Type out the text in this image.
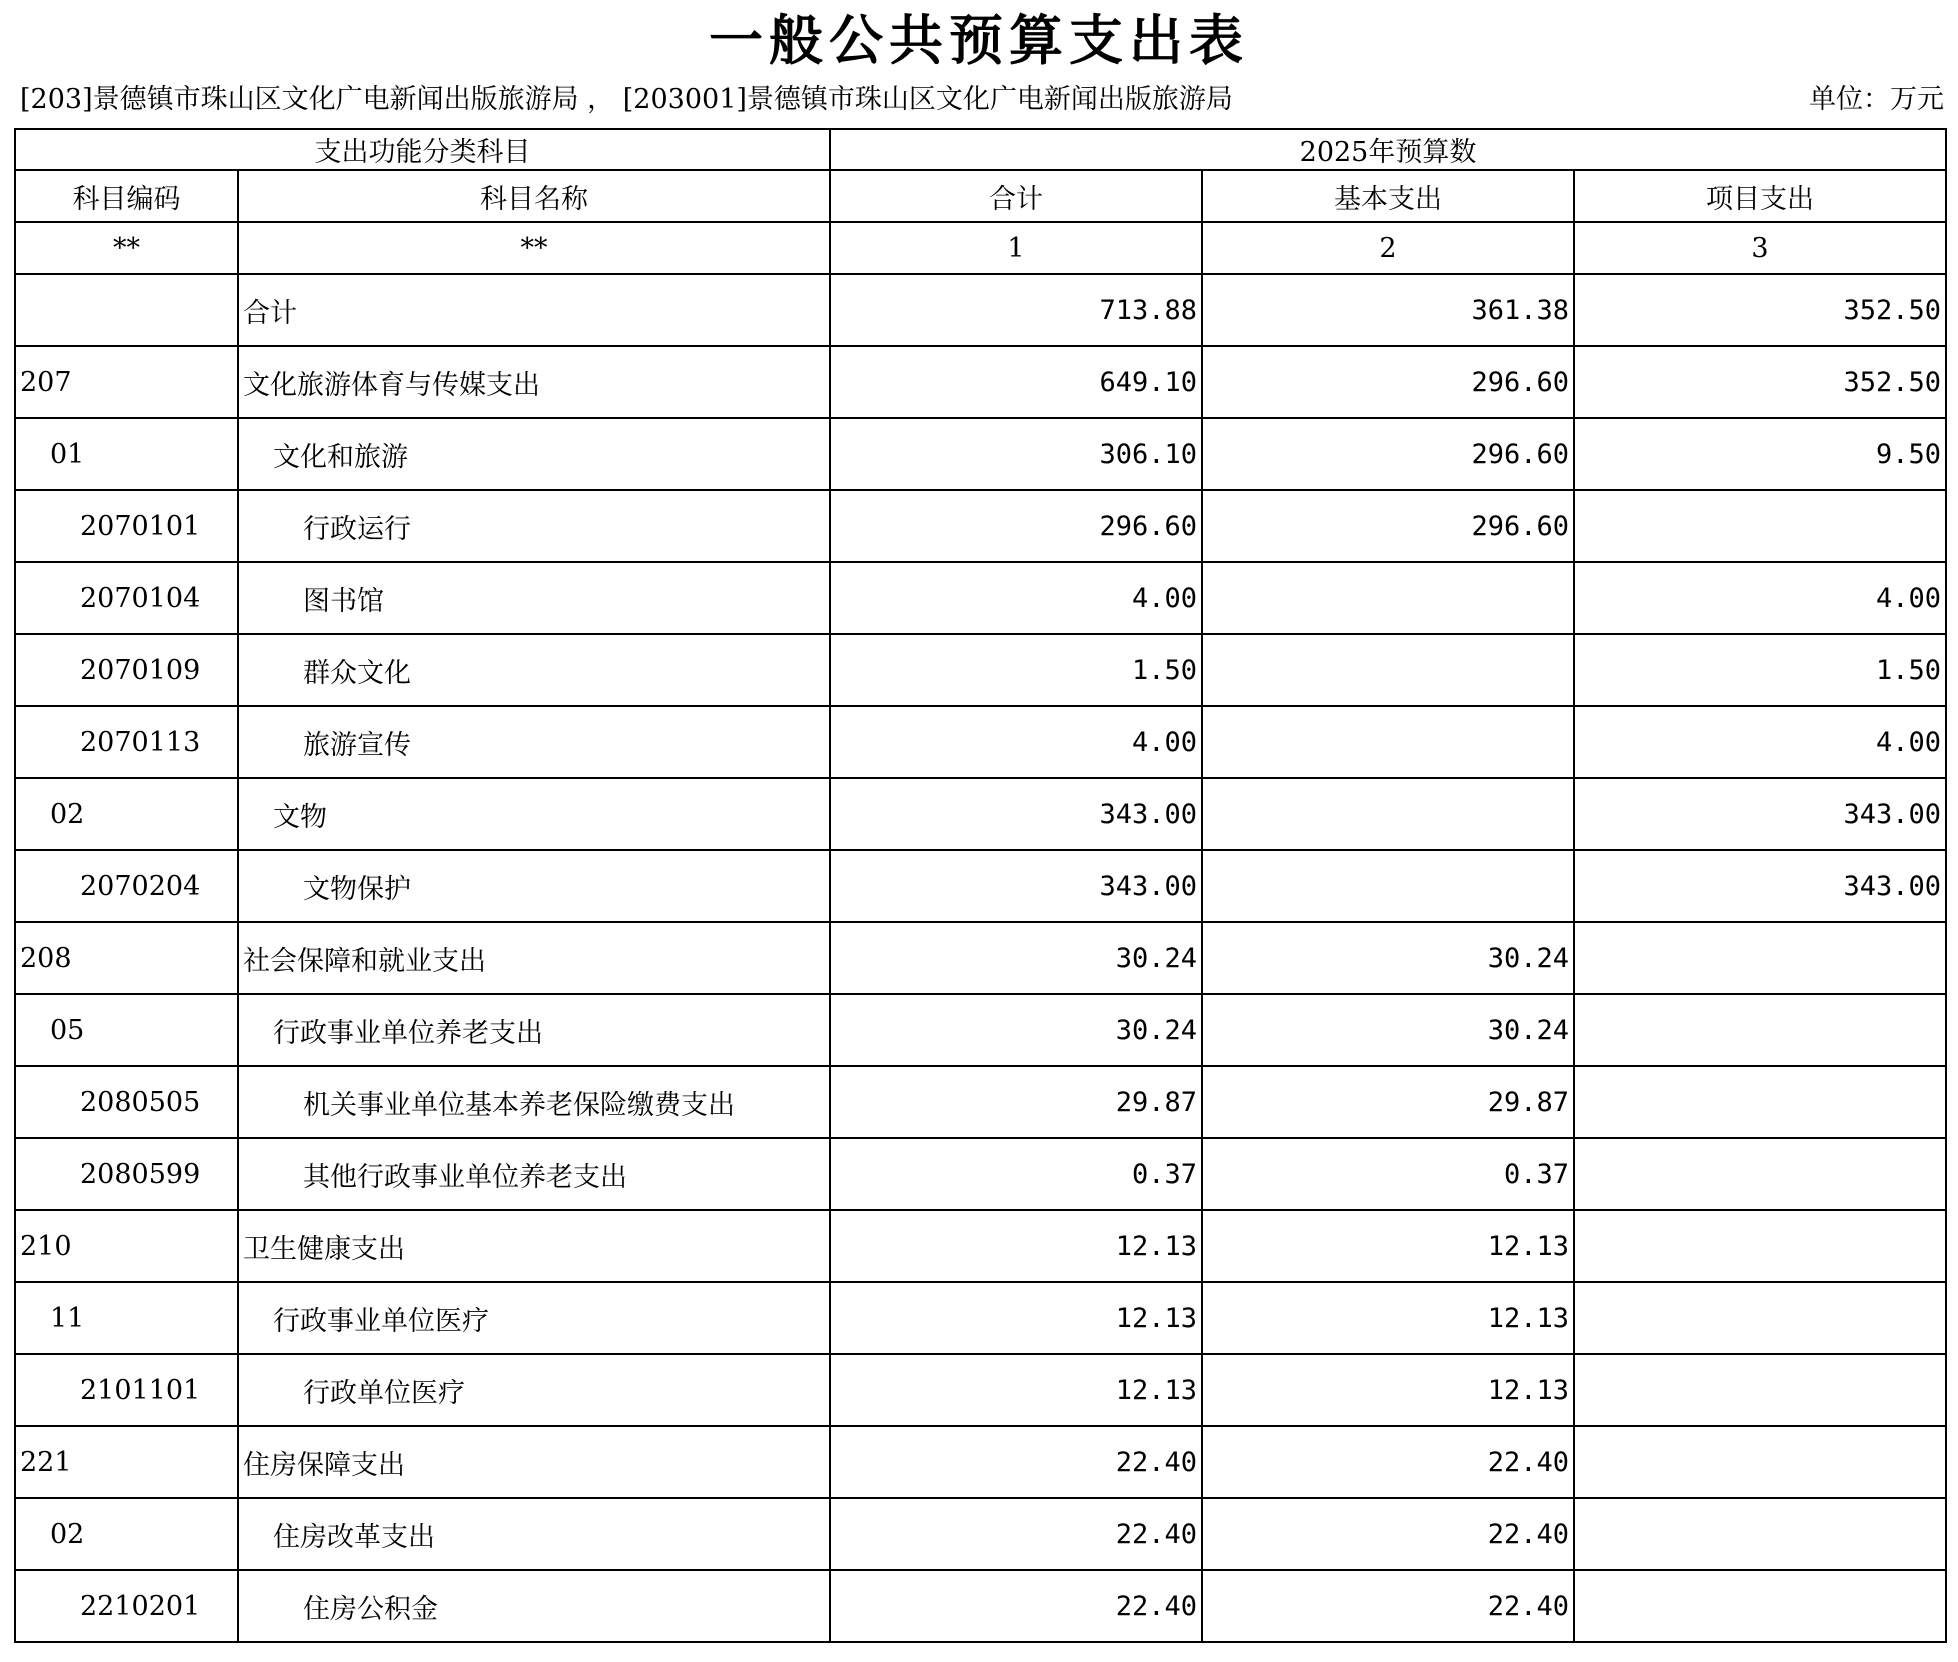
一般公共预算支出表
[203]景德镇市珠山区文化广电新闻出版旅游局 ， [203001]景德镇市珠山区文化广电新闻出版旅游局	单位：万元
支出功能分类科目		2025年预算数		
科目编码	科目名称	合计	基本支出	项目支出
**	**	1	2	3
	合计	713.88	361.38	352.50
207	文化旅游体育与传媒支出	649.10	296.60	352.50
01	文化和旅游	306.10	296.60	9.50
2070101	行政运行	296.60	296.60	
2070104	图书馆	4.00		4.00
2070109	群众文化	1.50		1.50
2070113	旅游宣传	4.00		4.00
02	文物	343.00		343.00
2070204	文物保护	343.00		343.00
208	社会保障和就业支出	30.24	30.24	
05	行政事业单位养老支出	30.24	30.24	
2080505	机关事业单位基本养老保险缴费支出	29.87	29.87	
2080599	其他行政事业单位养老支出	0.37	0.37	
210	卫生健康支出	12.13	12.13	
11	行政事业单位医疗	12.13	12.13	
2101101	行政单位医疗	12.13	12.13	
221	住房保障支出	22.40	22.40	
02	住房改革支出	22.40	22.40	
2210201	住房公积金	22.40	22.40	
